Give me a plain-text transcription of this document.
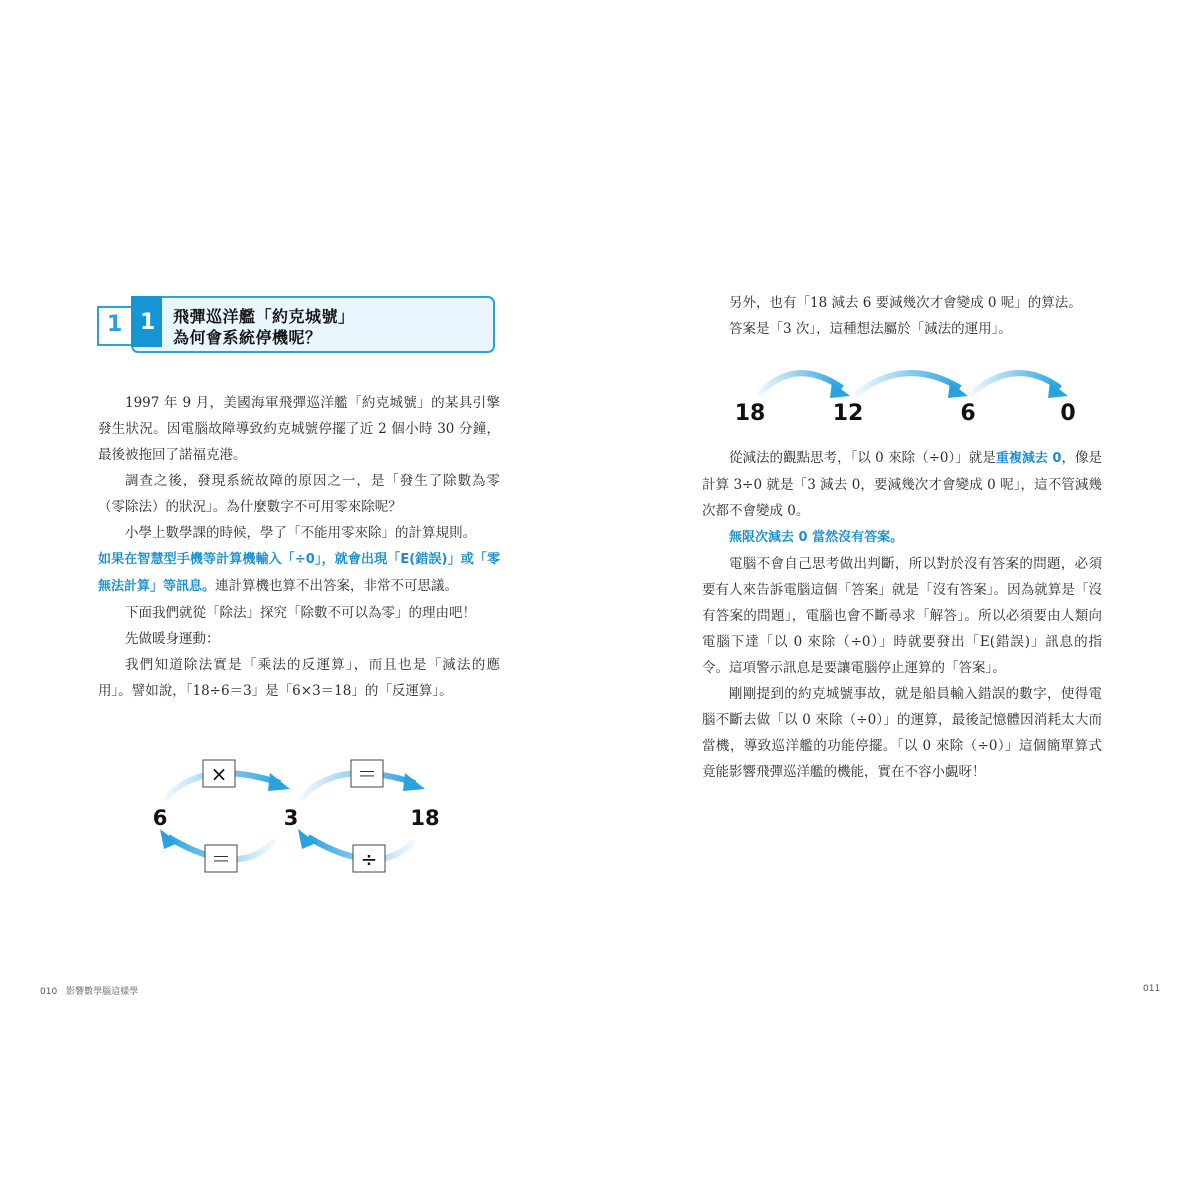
飛彈巡洋艦「約克城號」
為何會系統停機呢？
1 1

1997 年 9 月，美國海軍飛彈巡洋艦「約克城號」的某具引擎發生狀況。因電腦故障導致約克城號停擺了近 2 個小時 30 分鐘，最後被拖回了諾福克港。

調查之後，發現系統故障的原因之一，是「發生了除數為零（零除法）的狀況」。為什麼數字不可用零來除呢？

小學上數學課的時候，學了「不能用零來除」的計算規則。

如果在智慧型手機等計算機輸入「÷0」，就會出現「E(錯誤)」或「零無法計算」等訊息。連計算機也算不出答案，非常不可思議。

下面我們就從「除法」探究「除數不可以為零」的理由吧！

先做暖身運動：

我們知道除法實是「乘法的反運算」，而且也是「減法的應用」。譬如說，「18÷6＝3」是「6×3＝18」的「反運算」。

6	3	18
×	＝
＝	÷
010 影響數學腦這樣學

另外，也有「18 減去 6 要減幾次才會變成 0 呢」的算法。

答案是「3 次」，這種想法屬於「減法的運用」。

18	12	6	0

從減法的觀點思考，「以 0 來除（÷0）」就是重複減去 0，像是計算 3÷0 就是「3 減去 0，要減幾次才會變成 0 呢」，這不管減幾次都不會變成 0。

無限次減去 0 當然沒有答案。

電腦不會自己思考做出判斷，所以對於沒有答案的問題，必須要有人來告訴電腦這個「答案」就是「沒有答案」。因為就算是「沒有答案的問題」，電腦也會不斷尋求「解答」。所以必須要由人類向電腦下達「以 0 來除（÷0）」時就要發出「E(錯誤)」訊息的指令。這項警示訊息是要讓電腦停止運算的「答案」。

剛剛提到的約克城號事故，就是船員輸入錯誤的數字，使得電腦不斷去做「以 0 來除（÷0）」的運算，最後記憶體因消耗太大而當機，導致巡洋艦的功能停擺。「以 0 來除（÷0）」這個簡單算式竟能影響飛彈巡洋艦的機能，實在不容小覷呀！

011
